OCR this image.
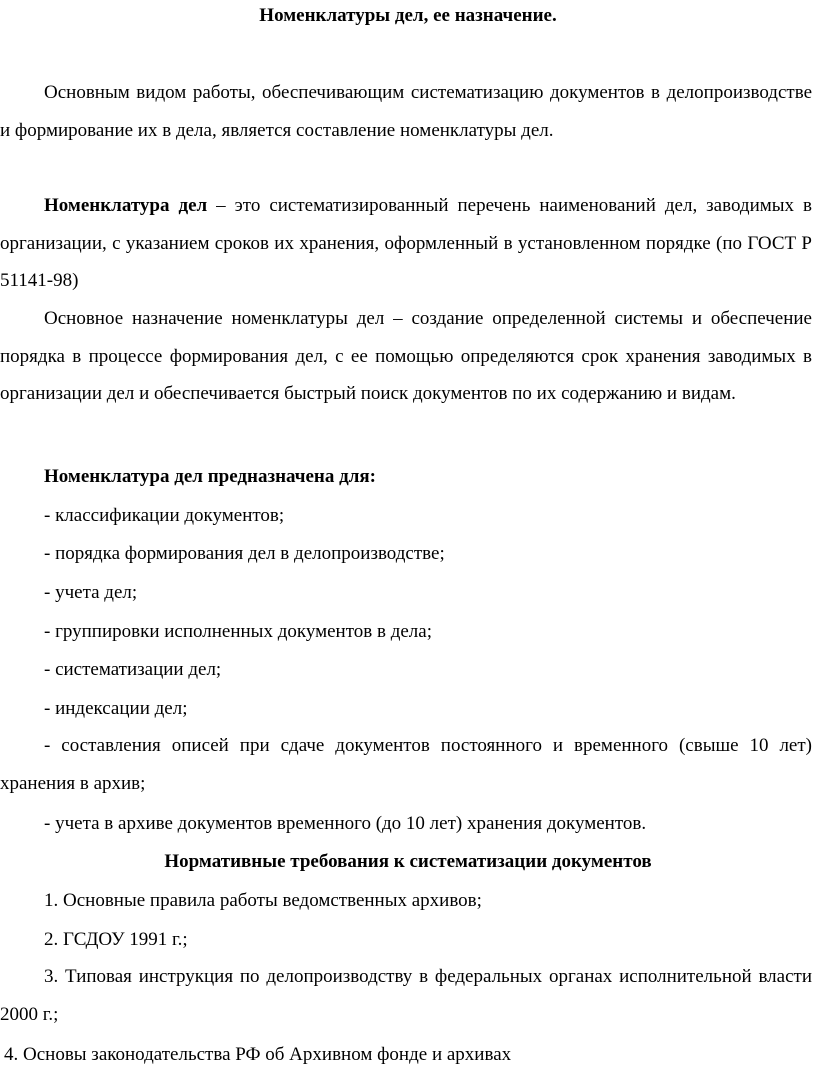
Номенклатуры дел, ее назначение.
Основным видом работы, обеспечивающим систематизацию документов в делопроизводстве и формирование их в дела, является составление номенклатуры дел.
Номенклатура дел – это систематизированный перечень наименований дел, заводимых в организации, с указанием сроков их хранения, оформленный в установленном порядке (по ГОСТ Р 51141-98)
Основное назначение номенклатуры дел – создание определенной системы и обеспечение порядка в процессе формирования дел, с ее помощью определяются срок хранения заводимых в организации дел и обеспечивается быстрый поиск документов по их содержанию и видам.
Номенклатура дел предназначена для:
- классификации документов;
- порядка формирования дел в делопроизводстве;
- учета дел;
- группировки исполненных документов в дела;
- систематизации дел;
- индексации дел;
- составления описей при сдаче документов постоянного и временного (свыше 10 лет) хранения в архив;
- учета в архиве документов временного (до 10 лет) хранения документов.
Нормативные требования к систематизации документов
1. Основные правила работы ведомственных архивов;
2. ГСДОУ 1991 г.;
3. Типовая инструкция по делопроизводству в федеральных органах исполнительной власти 2000 г.;
4. Основы законодательства РФ об Архивном фонде и архивах
